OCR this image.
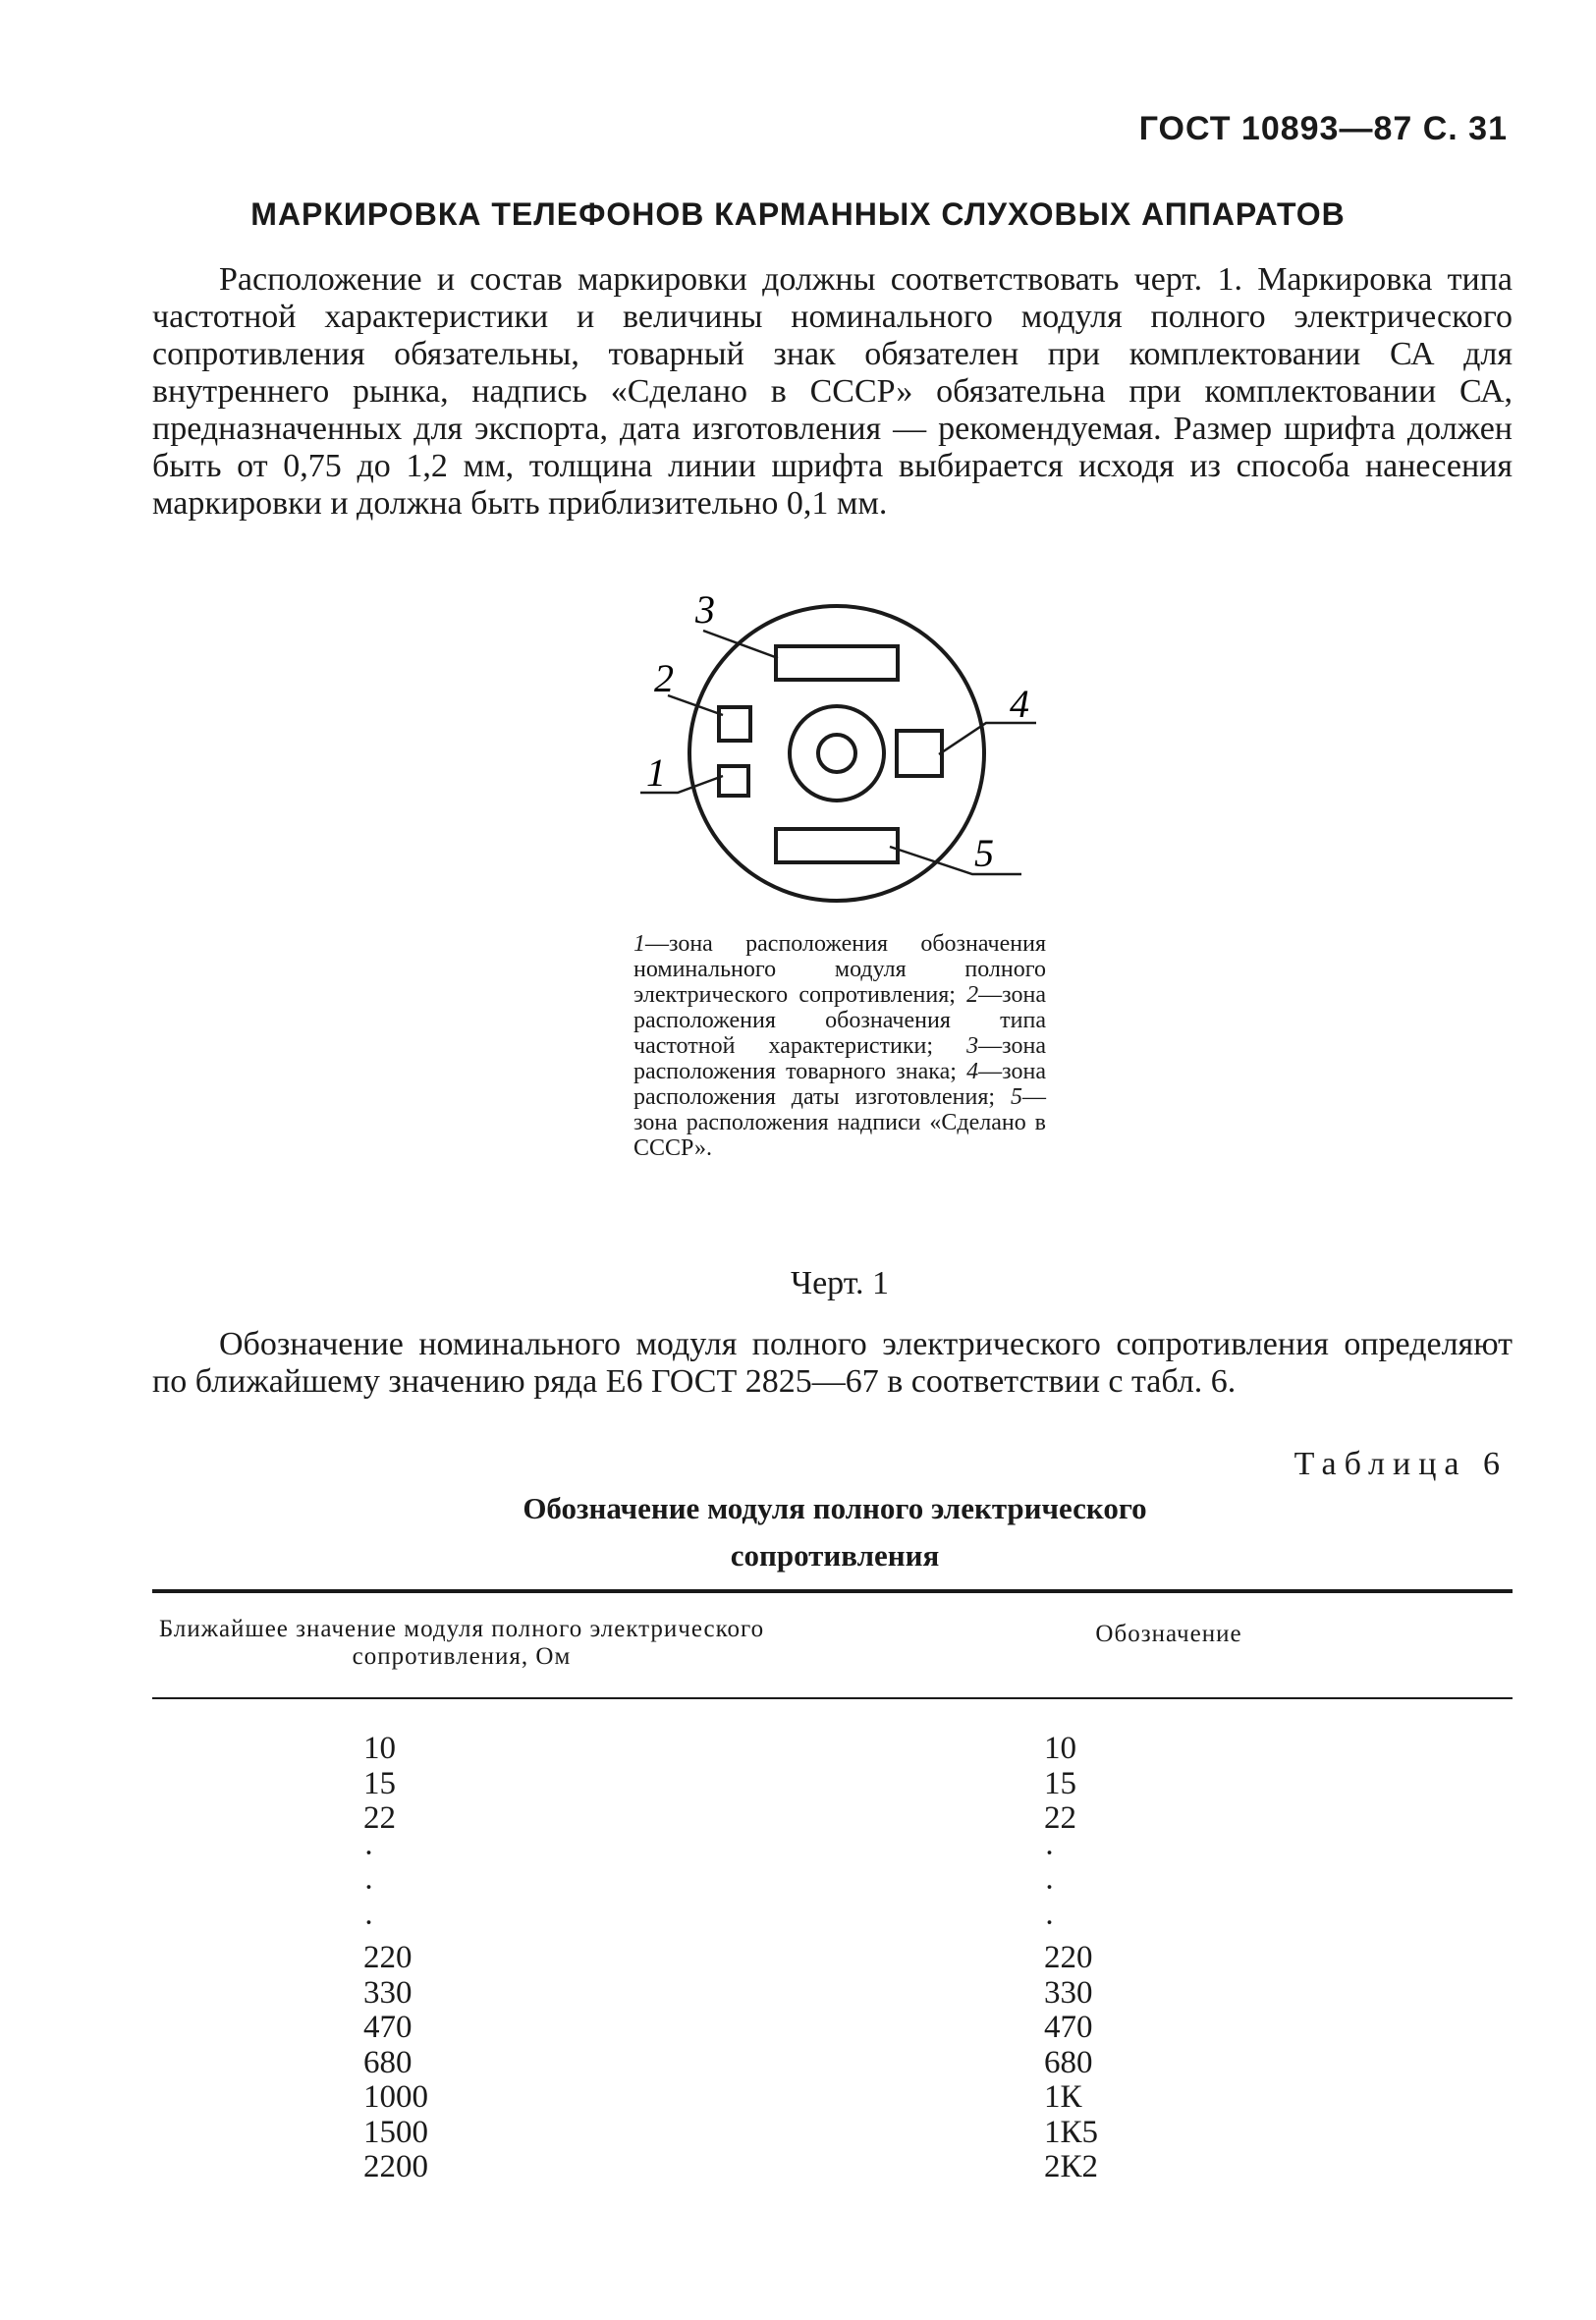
ГОСТ 10893—87 С. 31
МАРКИРОВКА ТЕЛЕФОНОВ КАРМАННЫХ СЛУХОВЫХ АППАРАТОВ

Расположение и состав маркировки должны соответствовать черт. 1. Маркировка типа частотной характеристики и величины номинального модуля полного электрического сопротивления обязательны, товарный знак обязателен при комплектовании СА для внутреннего рынка, надпись «Сделано в СССР» обязательна при комплектовании СА, предназначенных для экспорта, дата изготовления — рекомендуемая. Размер шрифта должен быть от 0,75 до 1,2 мм, толщина линии шрифта выбирается исходя из способа нанесения маркировки и должна быть приблизительно 0,1 мм.

3
2
1
4
5

1—зона расположения обозначения номинального модуля полного электрического сопротивления; 2—зона расположения обозначения типа частотной характеристики; 3—зона расположения товарного знака; 4—зона расположения даты изготовления; 5—зона расположения надписи «Сделано в СССР».

Черт. 1

Обозначение номинального модуля полного электрического сопротивления определяют по ближайшему значению ряда Е6 ГОСТ 2825—67 в соответствии с табл. 6.

Таблица 6
Обозначение модуля полного электрического
сопротивления
Ближайшее значение модуля полного электрического сопротивления, Ом
Обозначение
10
15
22
·
·
·
220
330
470
680
1000
1500
2200
10
15
22
·
·
·
220
330
470
680
1К
1К5
2К2
